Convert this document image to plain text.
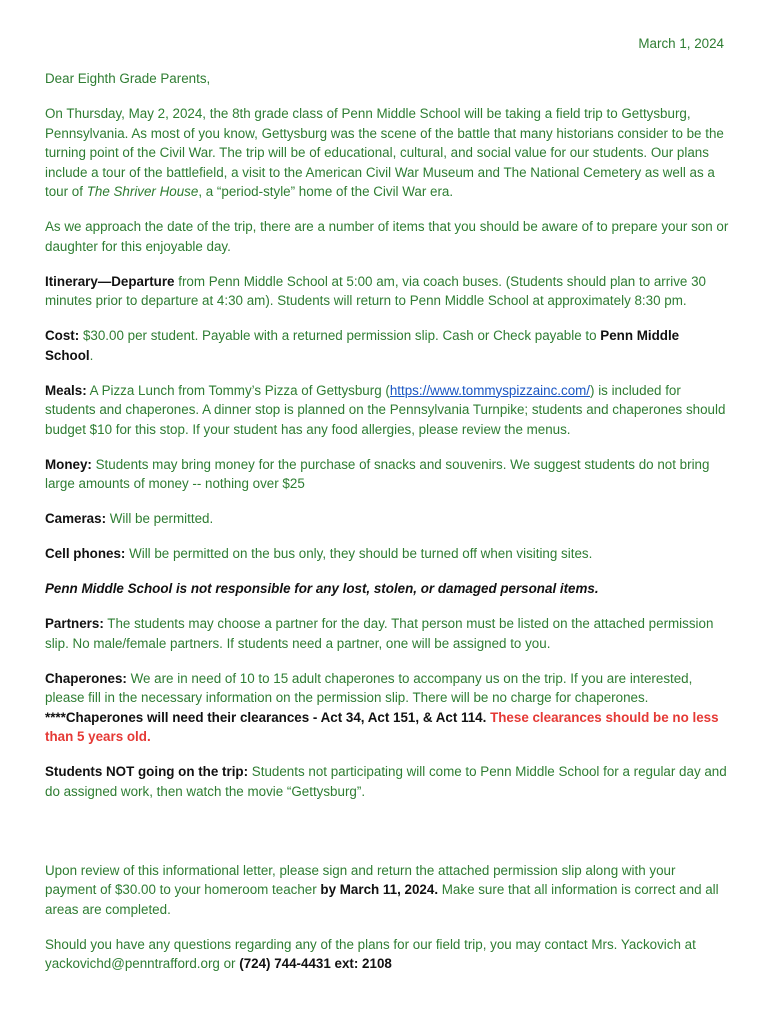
March 1, 2024

Dear Eighth Grade Parents,

On Thursday, May 2, 2024, the 8th grade class of Penn Middle School will be taking a field trip to Gettysburg, Pennsylvania. As most of you know, Gettysburg was the scene of the battle that many historians consider to be the turning point of the Civil War. The trip will be of educational, cultural, and social value for our students. Our plans include a tour of the battlefield, a visit to the American Civil War Museum and The National Cemetery as well as a tour of The Shriver House, a “period-style” home of the Civil War era.

As we approach the date of the trip, there are a number of items that you should be aware of to prepare your son or daughter for this enjoyable day.

Itinerary—Departure from Penn Middle School at 5:00 am, via coach buses. (Students should plan to arrive 30 minutes prior to departure at 4:30 am). Students will return to Penn Middle School at approximately 8:30 pm.

Cost: $30.00 per student. Payable with a returned permission slip. Cash or Check payable to Penn Middle School.

Meals: A Pizza Lunch from Tommy’s Pizza of Gettysburg (https://www.tommyspizzainc.com/) is included for students and chaperones. A dinner stop is planned on the Pennsylvania Turnpike; students and chaperones should budget $10 for this stop. If your student has any food allergies, please review the menus.

Money: Students may bring money for the purchase of snacks and souvenirs. We suggest students do not bring large amounts of money -- nothing over $25

Cameras: Will be permitted.

Cell phones: Will be permitted on the bus only, they should be turned off when visiting sites.

Penn Middle School is not responsible for any lost, stolen, or damaged personal items.

Partners: The students may choose a partner for the day. That person must be listed on the attached permission slip. No male/female partners. If students need a partner, one will be assigned to you.

Chaperones: We are in need of 10 to 15 adult chaperones to accompany us on the trip. If you are interested, please fill in the necessary information on the permission slip. There will be no charge for chaperones.
****Chaperones will need their clearances - Act 34, Act 151, & Act 114. These clearances should be no less than 5 years old.

Students NOT going on the trip: Students not participating will come to Penn Middle School for a regular day and do assigned work, then watch the movie “Gettysburg”.

Upon review of this informational letter, please sign and return the attached permission slip along with your payment of $30.00 to your homeroom teacher by March 11, 2024. Make sure that all information is correct and all areas are completed.

Should you have any questions regarding any of the plans for our field trip, you may contact Mrs. Yackovich at yackovichd@penntrafford.org or (724) 744-4431 ext: 2108
